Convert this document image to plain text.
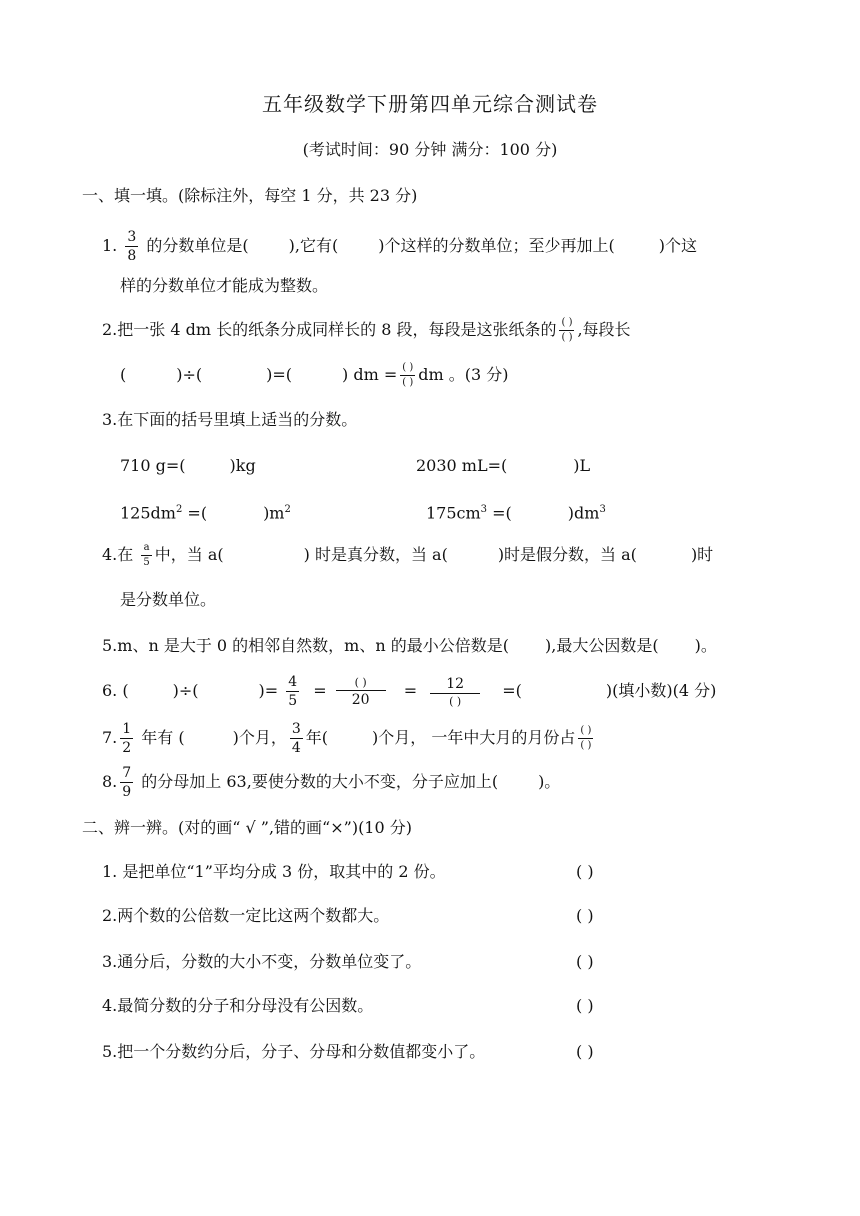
五年级数学下册第四单元综合测试卷
(考试时间：90 分钟 满分：100 分)
一、填一填。(除标注外，每空 1 分，共 23 分)
1. $\frac{3}{8}$ 的分数单位是(	),它有(	)个这样的分数单位；至少再加上(	)个这
样的分数单位才能成为整数。
2.把一张 4 dm 长的纸条分成同样长的 8 段，每段是这张纸条的 $\frac{( )}{( )}$ ,每段长
(	)÷(	)=(	) dm = $\frac{( )}{( )}$ dm 。(3 分)
3.在下面的括号里填上适当的分数。
710 g=(	)kg	2030 mL=(	)L
$125dm^2$ =(	)$m^2$	$175cm^3$ =(	)$dm^3$
4.在 $\frac{a}{5}$ 中，当 a(	) 时是真分数，当 a(	)时是假分数，当 a(	)时
是分数单位。
5.m、n 是大于 0 的相邻自然数，m、n 的最小公倍数是( ),最大公因数是( )。
6. (	)÷(	)= $\frac{4}{5} = \frac{( )}{20} = \frac{12}{( )}$ =(	)(填小数)(4 分)
7. $\frac{1}{2}$ 年有 (	)个月， $\frac{3}{4}$ 年(	)个月， 一年中大月的月份占 $\frac{( )}{( )}$
8. $\frac{7}{9}$ 的分母加上 63,要使分数的大小不变，分子应加上(	)。
二、辨一辨。(对的画“ √ ”,错的画“×”)(10 分)
1. 是把单位“1”平均分成 3 份，取其中的 2 份。	( )
2.两个数的公倍数一定比这两个数都大。	( )
3.通分后，分数的大小不变，分数单位变了。	( )
4.最简分数的分子和分母没有公因数。	( )
5.把一个分数约分后，分子、分母和分数值都变小了。	( )
